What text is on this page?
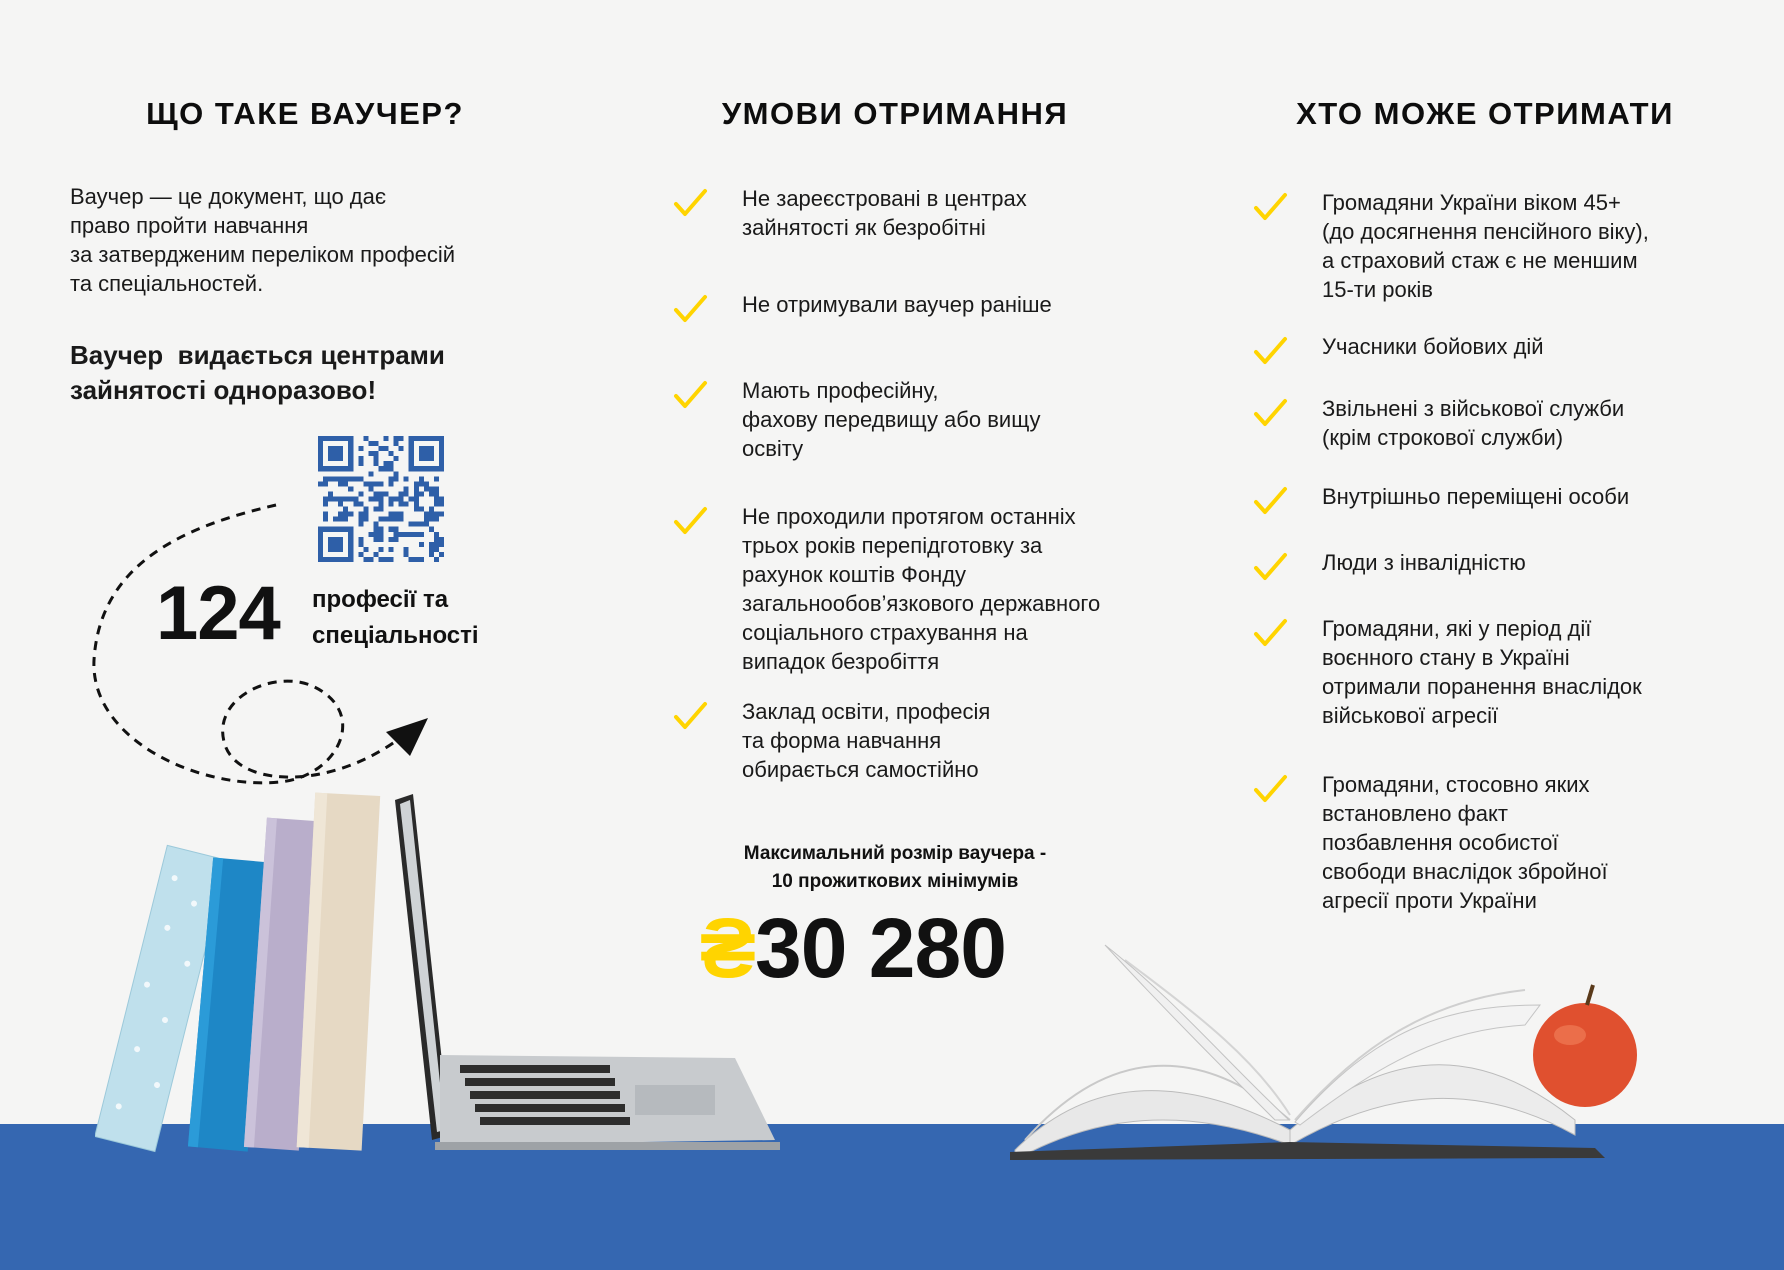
ЩО ТАКЕ ВАУЧЕР?
Ваучер — це документ, що дає
право пройти навчання
за затвердженим переліком професій
та спеціальностей.
Ваучер  видається центрами
зайнятості одноразово!
124 професії та
спеціальності
УМОВИ ОТРИМАННЯ
Не зареєстровані в центрах
зайнятості як безробітні
Не отримували ваучер раніше
Мають професійну,
фахову передвищу або вищу
освіту
Не проходили протягом останніх
трьох років перепідготовку за
рахунок коштів Фонду
загальнообов’язкового державного
соціального страхування на
випадок безробіття
Заклад освіти, професія
та форма навчання
обирається самостійно
Максимальний розмір ваучера -
10 прожиткових мінімумів
₴30 280
ХТО МОЖЕ ОТРИМАТИ
Громадяни України віком 45+
(до досягнення пенсійного віку),
а страховий стаж є не меншим
15-ти років
Учасники бойових дій
Звільнені з військової служби
(крім строкової служби)
Внутрішньо переміщені особи
Люди з інвалідністю
Громадяни, які у період дії
воєнного стану в Україні
отримали поранення внаслідок
військової агресії
Громадяни, стосовно яких
встановлено факт
позбавлення особистої
свободи внаслідок збройної
агресії проти України
